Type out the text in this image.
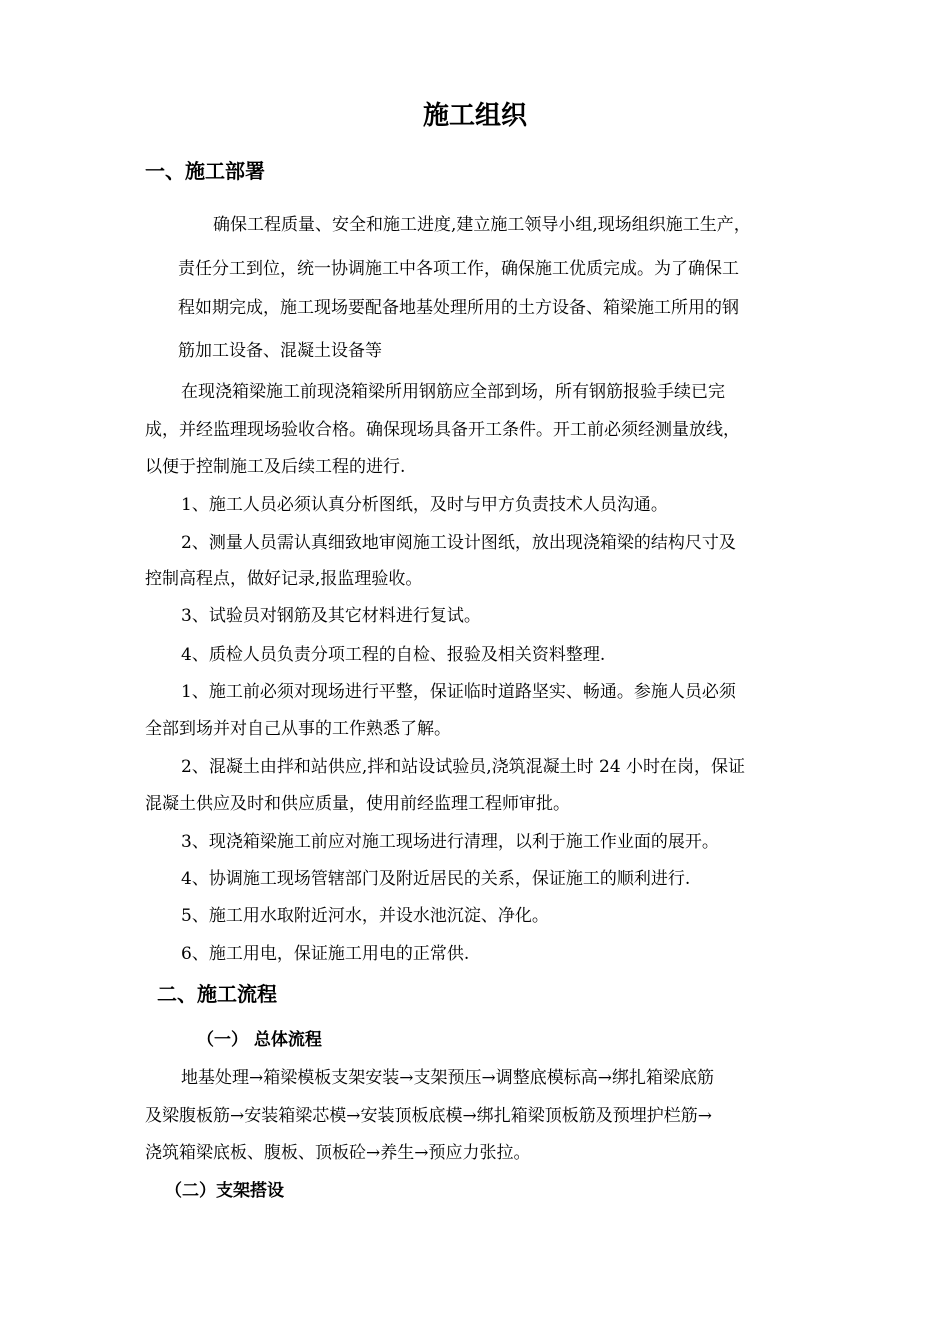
施工组织
一、施工部署
确保工程质量、安全和施工进度,建立施工领导小组,现场组织施工生产，
责任分工到位，统一协调施工中各项工作，确保施工优质完成。为了确保工
程如期完成，施工现场要配备地基处理所用的土方设备、箱梁施工所用的钢
筋加工设备、混凝土设备等
在现浇箱梁施工前现浇箱梁所用钢筋应全部到场，所有钢筋报验手续已完
成，并经监理现场验收合格。确保现场具备开工条件。开工前必须经测量放线，
以便于控制施工及后续工程的进行.
1、施工人员必须认真分析图纸，及时与甲方负责技术人员沟通。
2、测量人员需认真细致地审阅施工设计图纸，放出现浇箱梁的结构尺寸及
控制高程点，做好记录,报监理验收。
3、试验员对钢筋及其它材料进行复试。
4、质检人员负责分项工程的自检、报验及相关资料整理.
1、施工前必须对现场进行平整，保证临时道路坚实、畅通。参施人员必须
全部到场并对自己从事的工作熟悉了解。
2、混凝土由拌和站供应,拌和站设试验员,浇筑混凝土时 24 小时在岗，保证
混凝土供应及时和供应质量，使用前经监理工程师审批。
3、现浇箱梁施工前应对施工现场进行清理，以利于施工作业面的展开。
4、协调施工现场管辖部门及附近居民的关系，保证施工的顺利进行.
5、施工用水取附近河水，并设水池沉淀、净化。
6、施工用电，保证施工用电的正常供.
二、施工流程
（一） 总体流程
地基处理→箱梁模板支架安装→支架预压→调整底模标高→绑扎箱梁底筋
及梁腹板筋→安装箱梁芯模→安装顶板底模→绑扎箱梁顶板筋及预埋护栏筋→
浇筑箱梁底板、腹板、顶板砼→养生→预应力张拉。
（二）支架搭设
